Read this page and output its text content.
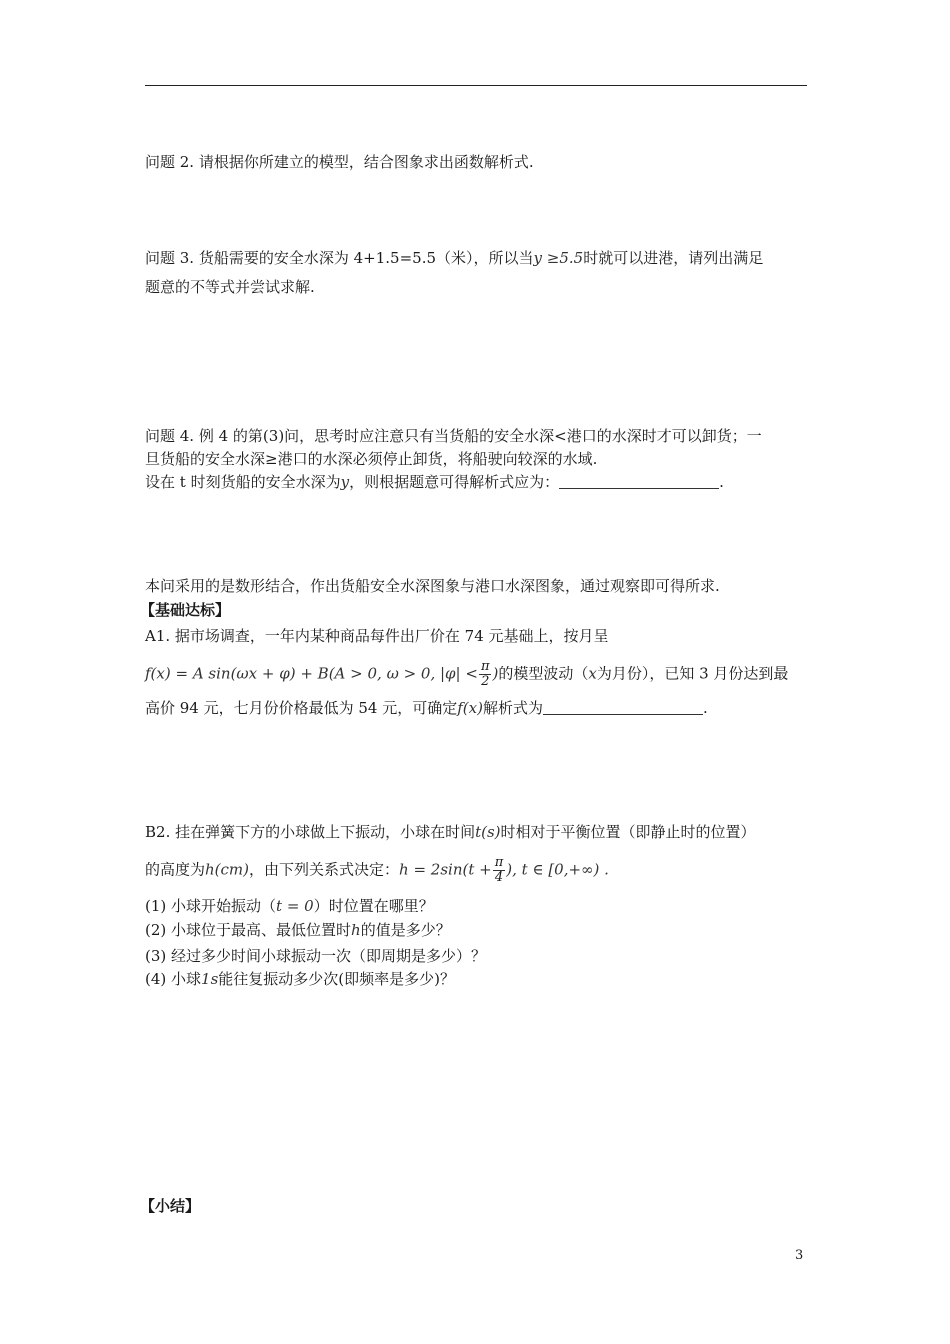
问题 2. 请根据你所建立的模型，结合图象求出函数解析式.
问题 3. 货船需要的安全水深为 4+1.5=5.5（米），所以当y ≥5.5时就可以进港，请列出满足
题意的不等式并尝试求解.
问题 4. 例 4 的第(3)问，思考时应注意只有当货船的安全水深<港口的水深时才可以卸货；一
旦货船的安全水深≥港口的水深必须停止卸货，将船驶向较深的水域.
设在 t 时刻货船的安全水深为y，则根据题意可得解析式应为：	.
本问采用的是数形结合，作出货船安全水深图象与港口水深图象，通过观察即可得所求.
【基础达标】
A1. 据市场调查，一年内某种商品每件出厂价在 74 元基础上，按月呈
f(x) = A sin(ωx + φ) + B(A > 0, ω > 0, $|\varphi| < \frac{\pi}{2}$ )的模型波动（x为月份），已知 3 月份达到最
高价 94 元，七月份价格最低为 54 元，可确定f(x)解析式为	.
B2. 挂在弹簧下方的小球做上下振动，小球在时间t(s)时相对于平衡位置（即静止时的位置）
的高度为h(cm)，由下列关系式决定：$h = 2\sin(t + \frac{\pi}{4}$ ), t ∈ [0,+∞) .
(1) 小球开始振动（t = 0）时位置在哪里？
(2) 小球位于最高、最低位置时h的值是多少？
(3) 经过多少时间小球振动一次（即周期是多少）？
(4) 小球1s能往复振动多少次(即频率是多少)？
【小结】
3
